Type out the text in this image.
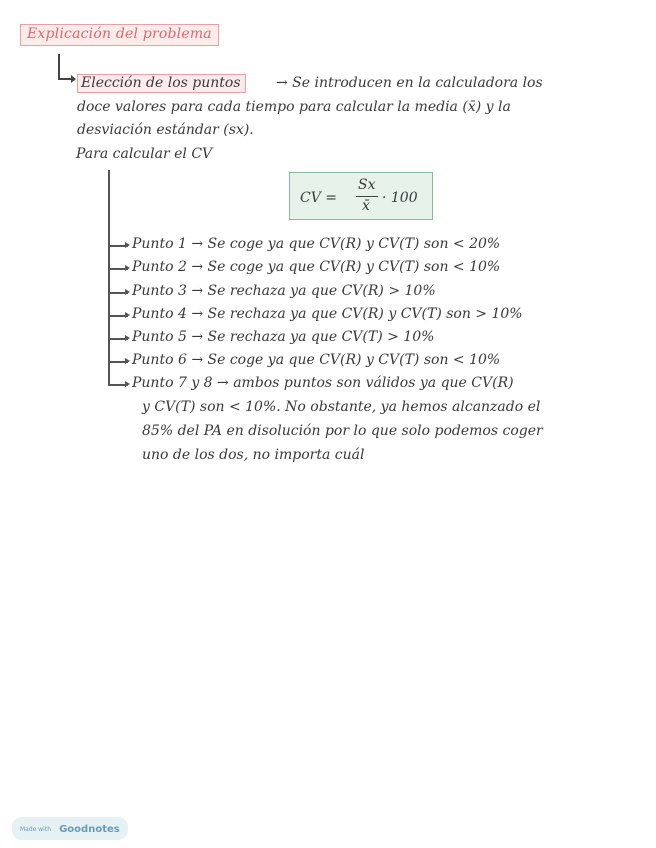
Explicación del problema
Elección de los puntos	→ Se introducen en la calculadora los
doce valores para cada tiempo para calcular la media (x̄) y la
desviación estándar (sx).
Para calcular el CV
CV =
Sx
x̄ · 100
Punto 1 → Se coge ya que CV(R) y CV(T) son < 20%
Punto 2 → Se coge ya que CV(R) y CV(T) son < 10%
Punto 3 → Se rechaza ya que CV(R) > 10%
Punto 4 → Se rechaza ya que CV(R) y CV(T) son > 10%
Punto 5 → Se rechaza ya que CV(T) > 10%
Punto 6 → Se coge ya que CV(R) y CV(T) son < 10%
Punto 7 y 8 → ambos puntos son válidos ya que CV(R)
y CV(T) son < 10%. No obstante, ya hemos alcanzado el
85% del PA en disolución por lo que solo podemos coger
uno de los dos, no importa cuál
Made with Goodnotes
